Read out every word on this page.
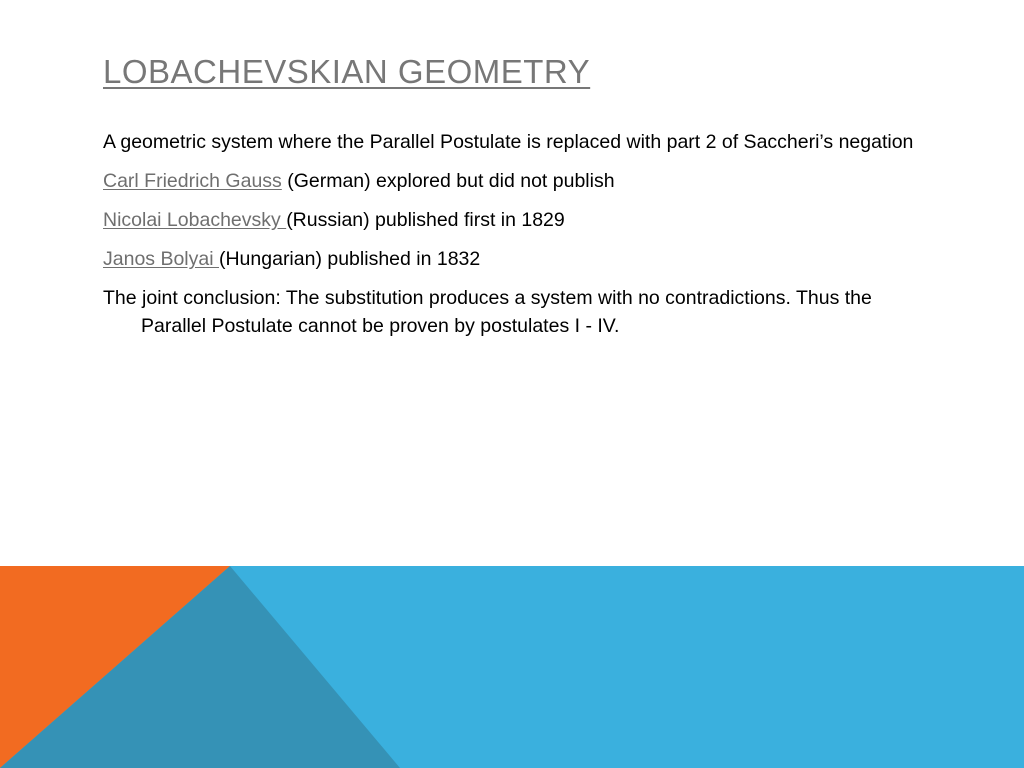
LOBACHEVSKIAN GEOMETRY

A geometric system where the Parallel Postulate is replaced with part 2 of Saccheri’s negation

Carl Friedrich Gauss (German) explored but did not publish

Nicolai Lobachevsky (Russian) published first in 1829

Janos Bolyai (Hungarian) published in 1832

The joint conclusion: The substitution produces a system with no contradictions. Thus the Parallel Postulate cannot be proven by postulates I - IV.
